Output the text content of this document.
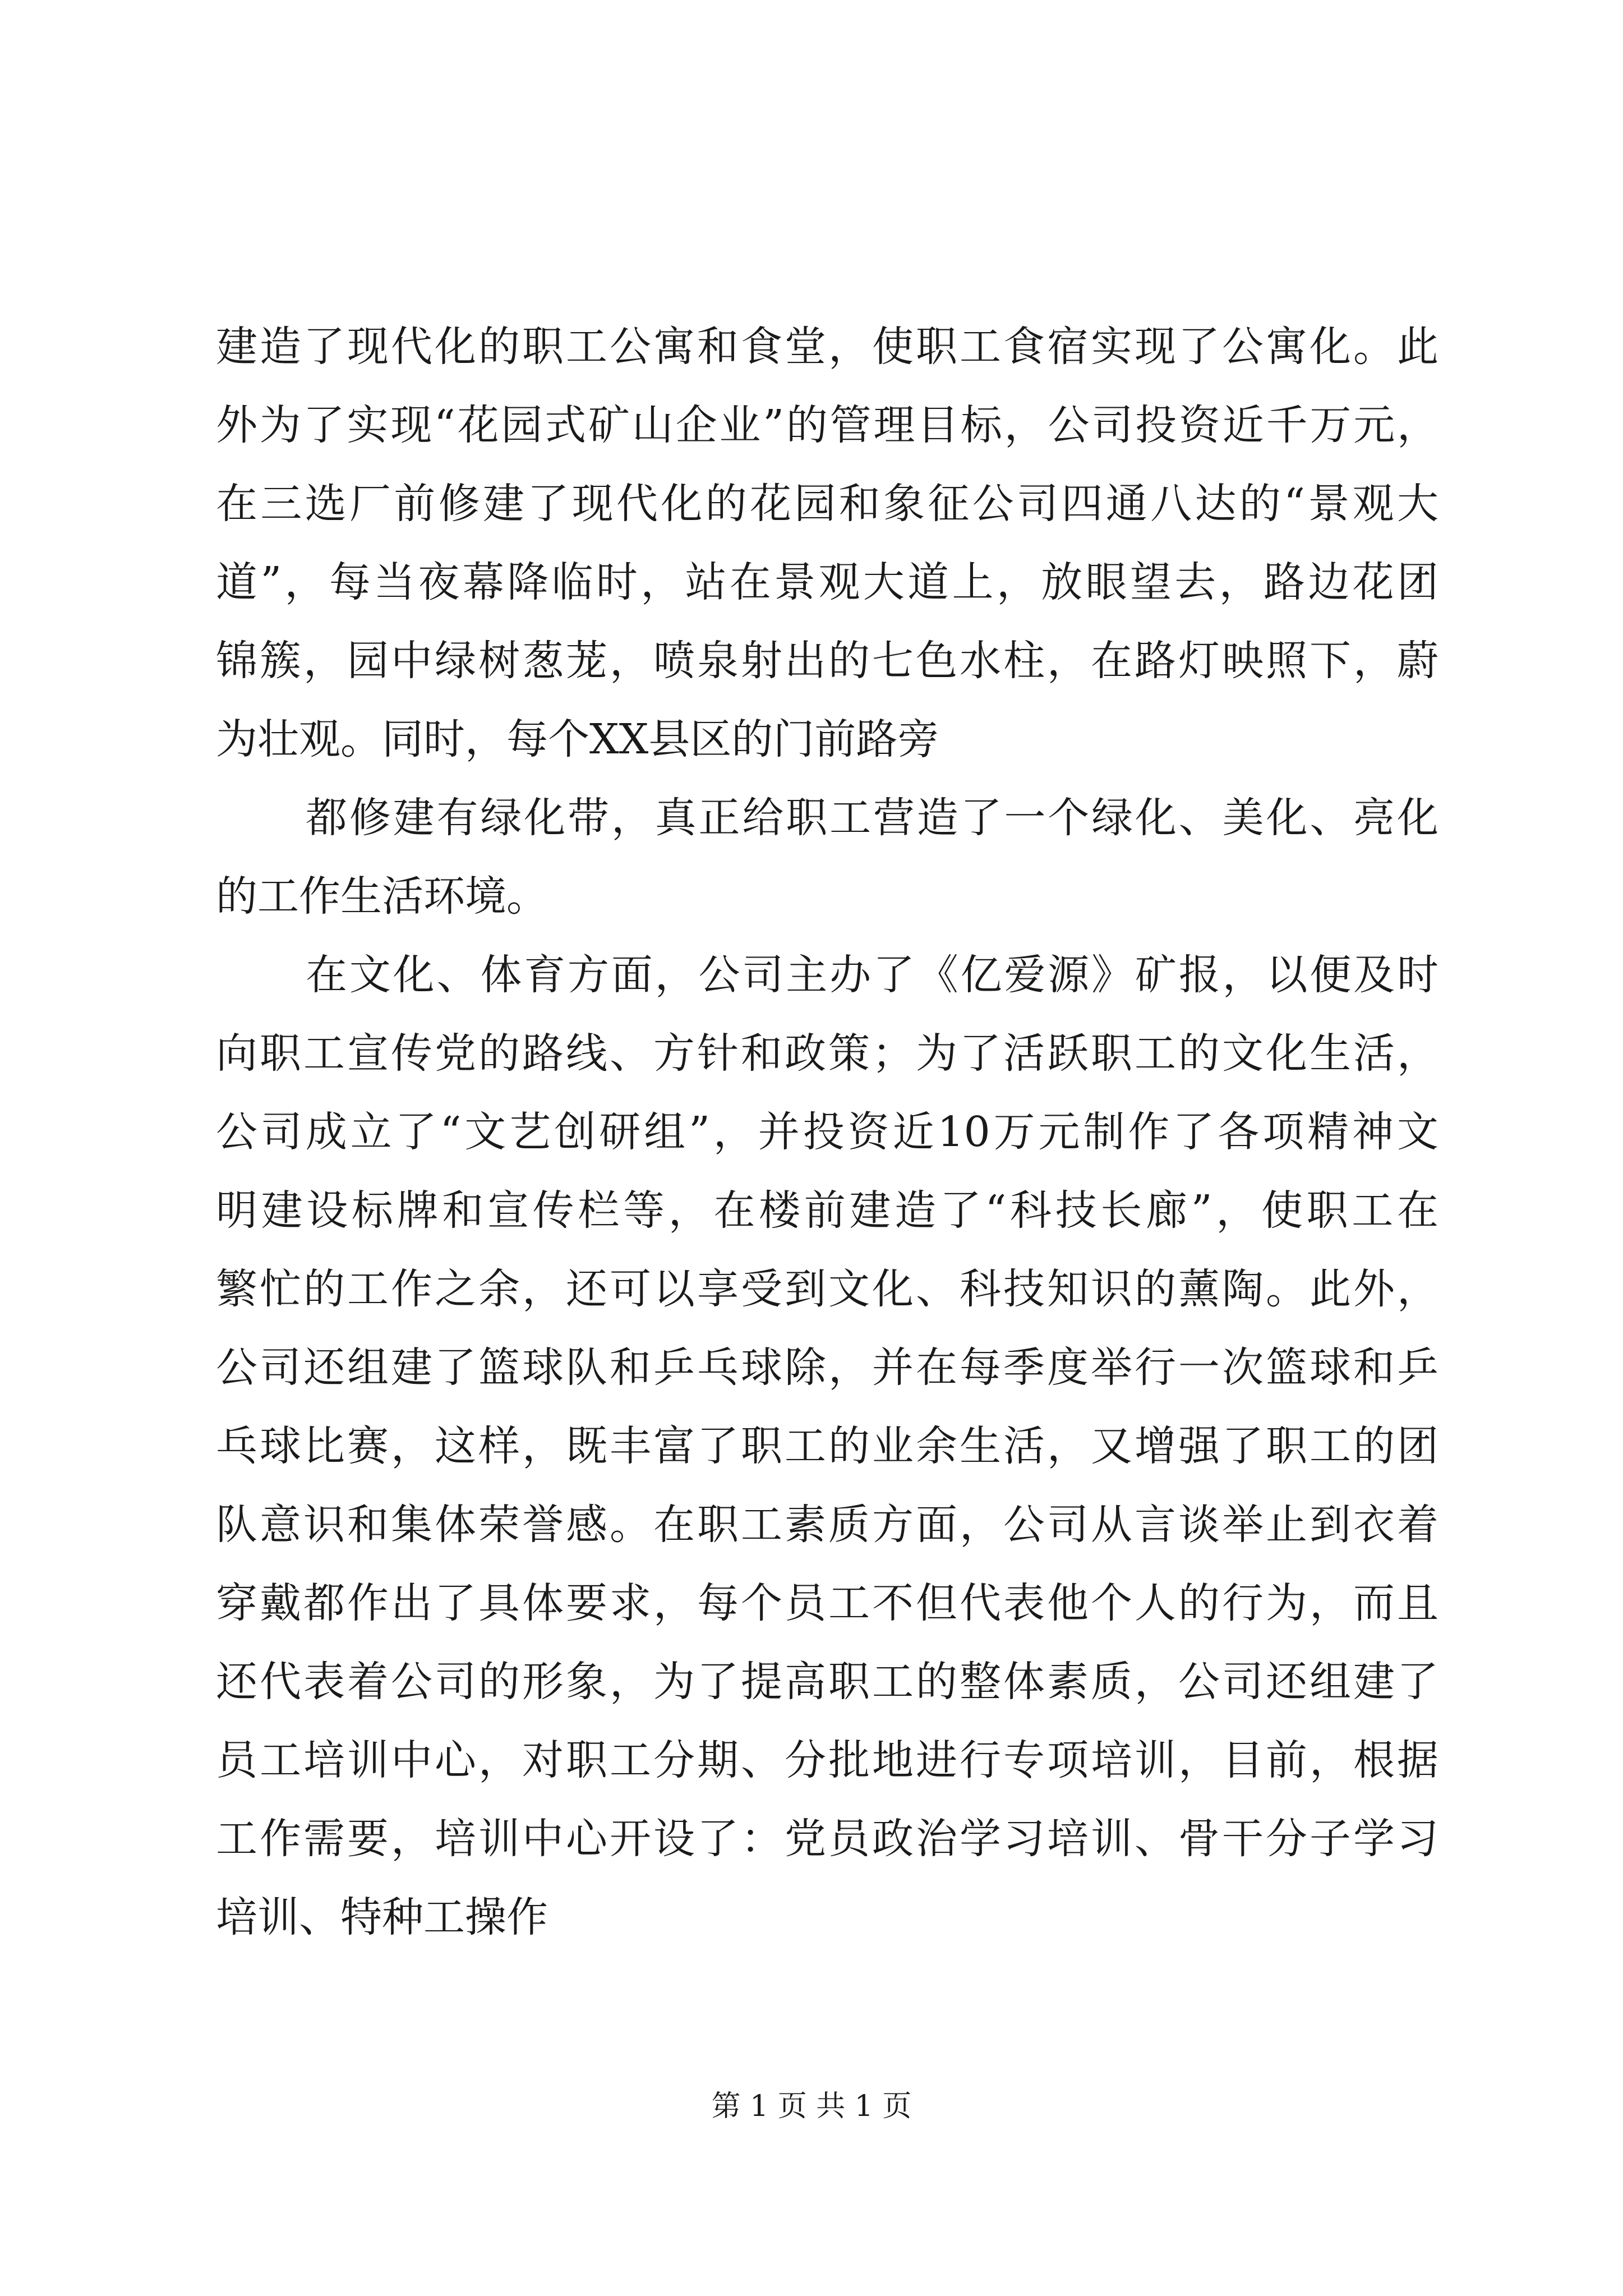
建造了现代化的职工公寓和食堂，使职工食宿实现了公寓化。此
外为了实现“花园式矿山企业”的管理目标，公司投资近千万元，
在三选厂前修建了现代化的花园和象征公司四通八达的“景观大
道”，每当夜幕降临时，站在景观大道上，放眼望去，路边花团
锦簇，园中绿树葱茏，喷泉射出的七色水柱，在路灯映照下，蔚
为壮观。同时，每个XX县区的门前路旁
都修建有绿化带，真正给职工营造了一个绿化、美化、亮化
的工作生活环境。
在文化、体育方面，公司主办了《亿爱源》矿报，以便及时
向职工宣传党的路线、方针和政策；为了活跃职工的文化生活，
公司成立了“文艺创研组”，并投资近10万元制作了各项精神文
明建设标牌和宣传栏等，在楼前建造了“科技长廊”，使职工在
繁忙的工作之余，还可以享受到文化、科技知识的薰陶。此外，
公司还组建了篮球队和乒乓球除，并在每季度举行一次篮球和乒
乓球比赛，这样，既丰富了职工的业余生活，又增强了职工的团
队意识和集体荣誉感。在职工素质方面，公司从言谈举止到衣着
穿戴都作出了具体要求，每个员工不但代表他个人的行为，而且
还代表着公司的形象，为了提高职工的整体素质，公司还组建了
员工培训中心，对职工分期、分批地进行专项培训，目前，根据
工作需要，培训中心开设了：党员政治学习培训、骨干分子学习
培训、特种工操作
第 1 页 共 1 页
